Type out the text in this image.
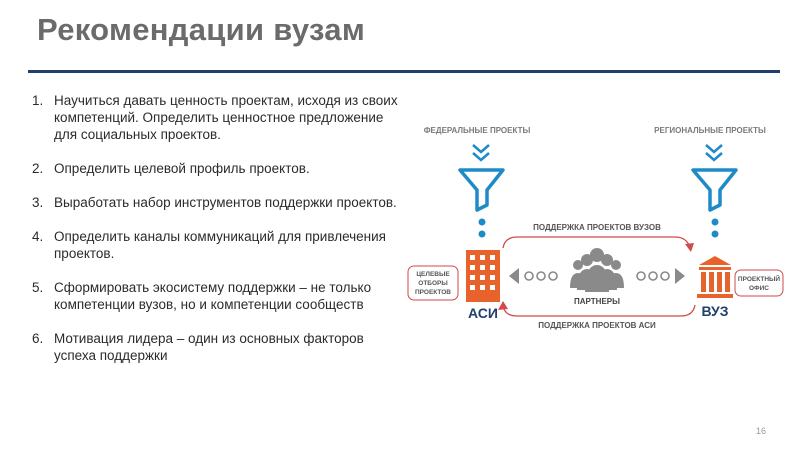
Рекомендации вузам
1. Научиться давать ценность проектам, исходя из своих компетенций. Определить ценностное предложение для социальных проектов.
2. Определить целевой профиль проектов.
3. Выработать набор инструментов поддержки проектов.
4. Определить каналы коммуникаций для привлечения проектов.
5. Сформировать экосистему поддержки – не только компетенции вузов, но и компетенции сообществ
6. Мотивация лидера – один из основных факторов успеха поддержки
ФЕДЕРАЛЬНЫЕ ПРОЕКТЫ	РЕГИОНАЛЬНЫЕ ПРОЕКТЫ
ПОДДЕРЖКА ПРОЕКТОВ ВУЗОВ
ПОДДЕРЖКА ПРОЕКТОВ АСИ
АСИ
ЦЕЛЕВЫЕ
ОТБОРЫ
ПРОЕКТОВ
ВУЗ
ПРОЕКТНЫЙ
ОФИС
ПАРТНЕРЫ
16
